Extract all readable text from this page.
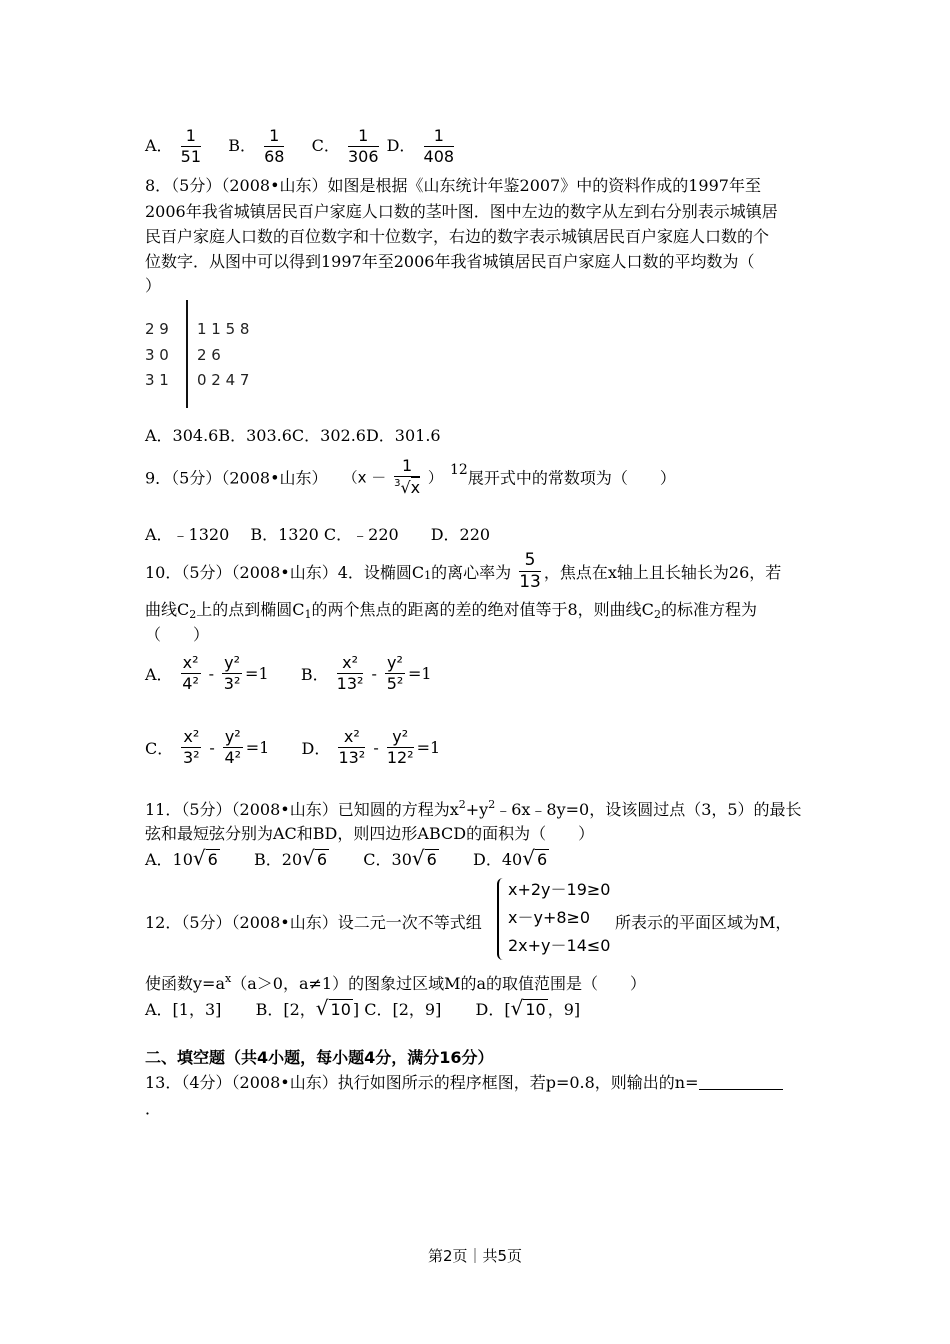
A． $\frac{1}{51}$ B． $\frac{1}{68}$ C． $\frac{1}{306}$ D． $\frac{1}{408}$
8．（5分）（2008•山东）如图是根据《山东统计年鉴2007》中的资料作成的1997年至
2006年我省城镇居民百户家庭人口数的茎叶图．图中左边的数字从左到右分别表示城镇居
民百户家庭人口数的百位数字和十位数字，右边的数字表示城镇居民百户家庭人口数的个
位数字．从图中可以得到1997年至2006年我省城镇居民百户家庭人口数的平均数为（
）
2 9 1 1 5 8
3 0 2 6
3 1 0 2 4 7
A．304.6B．303.6C．302.6D．301.6
9．（5分）（2008•山东） （$x - \frac{1}{^3√x}$ ） 12展开式中的常数项为（　　）
A．﹣1320　 B．1320 C．﹣220　　D．220
10．（5分）（2008•山东）4．设椭圆$C_1$的离心率为 $\frac{5}{13}$ ，焦点在x轴上且长轴长为26，若
曲线$C_2$上的点到椭圆$C_1$的两个焦点的距离的差的绝对值等于8，则曲线$C_2$的标准方程为
（　　）
A． $\frac{\text{x²}}{\text{4²}} - \frac{\text{y²}}{\text{3²}} =1$ B． $\frac{\text{x²}}{\text{13²}} - \frac{\text{y²}}{\text{5²}} =1$
C． $\frac{\text{x²}}{\text{3²}} - \frac{\text{y²}}{\text{4²}} =1$ D． $\frac{\text{x²}}{\text{13²}} - \frac{\text{y²}}{\text{12²}} =1$
11．（5分）（2008•山东）已知圆的方程为$x^2+y^2﹣6x﹣8y=0$，设该圆过点（3，5）的最长
弦和最短弦分别为AC和BD，则四边形ABCD的面积为（　　）
A．10√ 6 B．20√ 6 C．30√ 6 D．40√ 6
12．（5分）（2008•山东）设二元一次不等式组
x+2y－19≥0
x－y+8≥0
2x+y－14≤0
所表示的平面区域为M，
使函数$y=a^x(a>0$，a≠1）的图象过区域M的a的取值范围是（　　）
A．[1，3] B．[2，√ 10 ] C．[2，9] D．[√ 10 ，9]
二、填空题（共4小题，每小题4分，满分16分）
13．（4分）（2008•山东）执行如图所示的程序框图，若p=0.8，则输出的n=
．
第2页｜共5页
